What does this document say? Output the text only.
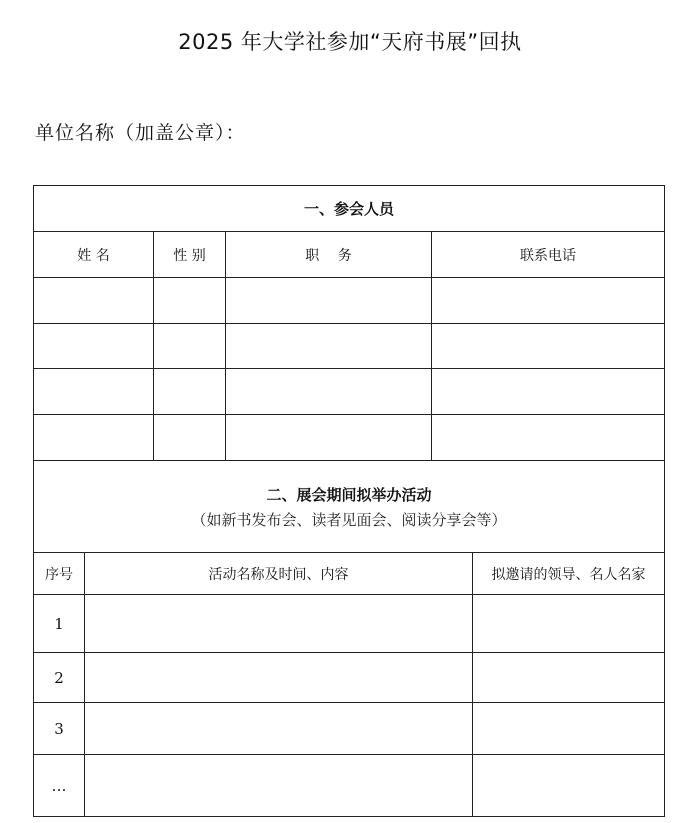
2025 年大学社参加“天府书展”回执
单位名称（加盖公章）：
一、参会人员			
姓 名	性 别	职　 务	联系电话

二、展会期间拟举办活动
（如新书发布会、读者见面会、阅读分享会等）			
序号	活动名称及时间、内容	拟邀请的领导、名人名家
1		
2		
3		
…		
